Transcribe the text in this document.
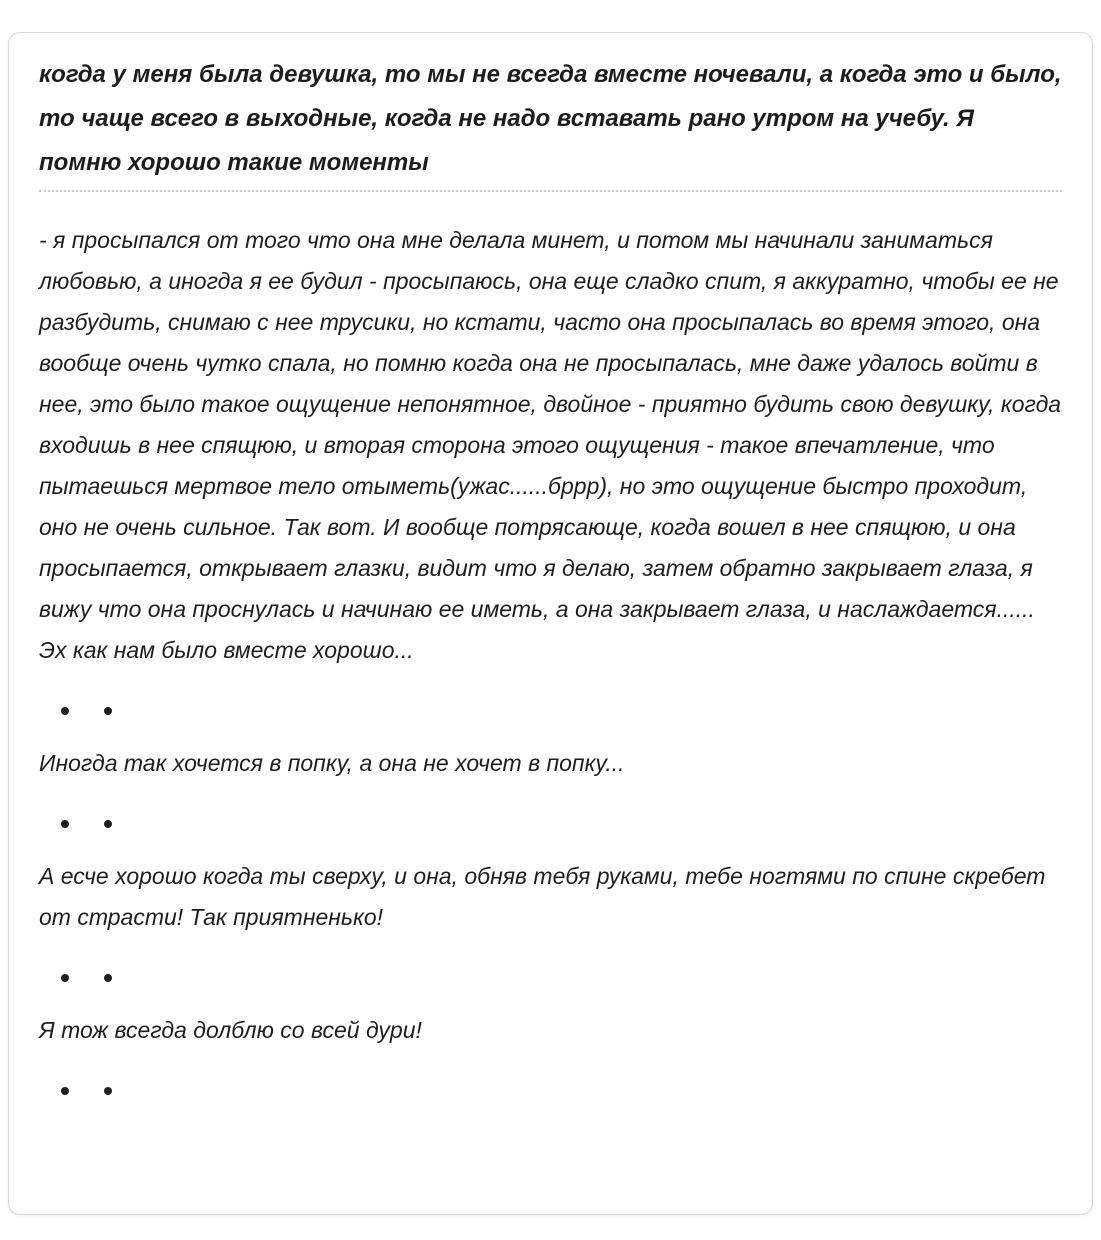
когда у меня была девушка, то мы не всегда вместе ночевали, а когда это и было, то чаще всего в выходные, когда не надо вставать рано утром на учебу. Я помню хорошо такие моменты

- я просыпался от того что она мне делала минет, и потом мы начинали заниматься любовью, а иногда я ее будил - просыпаюсь, она еще сладко спит, я аккуратно, чтобы ее не разбудить, снимаю с нее трусики, но кстати, часто она просыпалась во время этого, она вообще очень чутко спала, но помню когда она не просыпалась, мне даже удалось войти в нее, это было такое ощущение непонятное, двойное - приятно будить свою девушку, когда входишь в нее спящюю, и вторая сторона этого ощущения - такое впечатление, что пытаешься мертвое тело отыметь(ужас......бррр), но это ощущение быстро проходит, оно не очень сильное. Так вот. И вообще потрясающе, когда вошел в нее спящюю, и она просыпается, открывает глазки, видит что я делаю, затем обратно закрывает глаза, я вижу что она проснулась и начинаю ее иметь, а она закрывает глаза, и наслаждается...... Эх как нам было вместе хорошо...

Иногда так хочется в попку, а она не хочет в попку...

А есче хорошо когда ты сверху, и она, обняв тебя руками, тебе ногтями по спине скребет от страсти! Так приятненько!

Я тож всегда долблю со всей дури!
